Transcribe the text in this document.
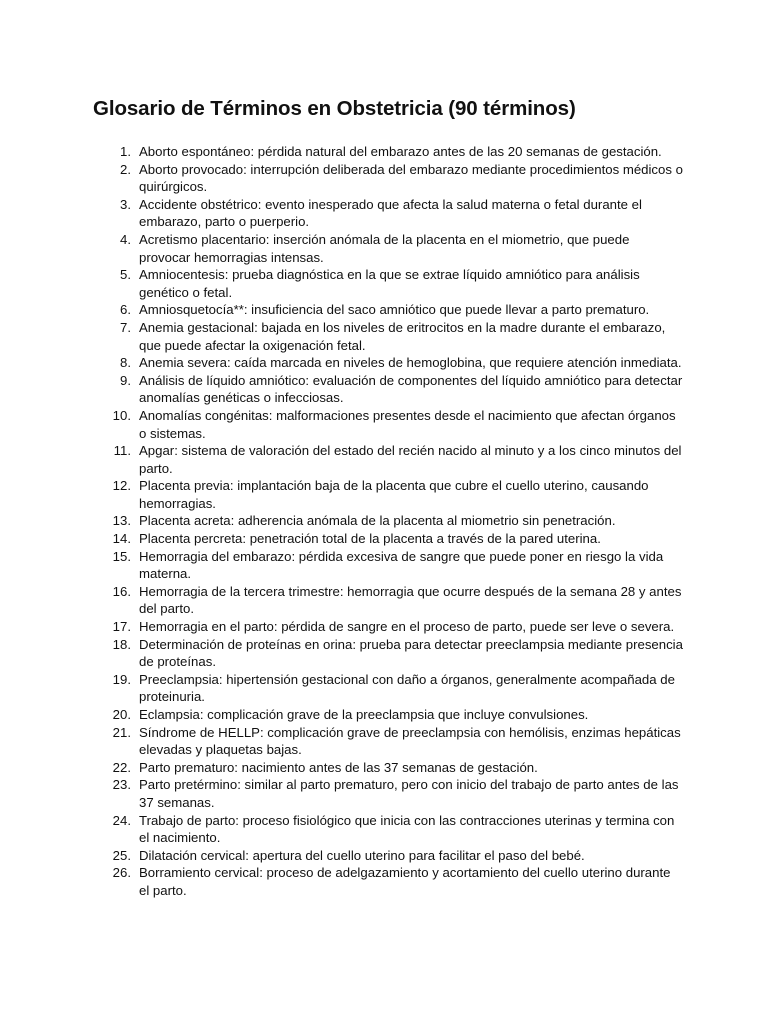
Glosario de Términos en Obstetricia (90 términos)
1. Aborto espontáneo: pérdida natural del embarazo antes de las 20 semanas de gestación.
2. Aborto provocado: interrupción deliberada del embarazo mediante procedimientos médicos o quirúrgicos.
3. Accidente obstétrico: evento inesperado que afecta la salud materna o fetal durante el embarazo, parto o puerperio.
4. Acretismo placentario: inserción anómala de la placenta en el miometrio, que puede provocar hemorragias intensas.
5. Amniocentesis: prueba diagnóstica en la que se extrae líquido amniótico para análisis genético o fetal.
6. Amniosquetocía**: insuficiencia del saco amniótico que puede llevar a parto prematuro.
7. Anemia gestacional: bajada en los niveles de eritrocitos en la madre durante el embarazo, que puede afectar la oxigenación fetal.
8. Anemia severa: caída marcada en niveles de hemoglobina, que requiere atención inmediata.
9. Análisis de líquido amniótico: evaluación de componentes del líquido amniótico para detectar anomalías genéticas o infecciosas.
10. Anomalías congénitas: malformaciones presentes desde el nacimiento que afectan órganos o sistemas.
11. Apgar: sistema de valoración del estado del recién nacido al minuto y a los cinco minutos del parto.
12. Placenta previa: implantación baja de la placenta que cubre el cuello uterino, causando hemorragias.
13. Placenta acreta: adherencia anómala de la placenta al miometrio sin penetración.
14. Placenta percreta: penetración total de la placenta a través de la pared uterina.
15. Hemorragia del embarazo: pérdida excesiva de sangre que puede poner en riesgo la vida materna.
16. Hemorragia de la tercera trimestre: hemorragia que ocurre después de la semana 28 y antes del parto.
17. Hemorragia en el parto: pérdida de sangre en el proceso de parto, puede ser leve o severa.
18. Determinación de proteínas en orina: prueba para detectar preeclampsia mediante presencia de proteínas.
19. Preeclampsia: hipertensión gestacional con daño a órganos, generalmente acompañada de proteinuria.
20. Eclampsia: complicación grave de la preeclampsia que incluye convulsiones.
21. Síndrome de HELLP: complicación grave de preeclampsia con hemólisis, enzimas hepáticas elevadas y plaquetas bajas.
22. Parto prematuro: nacimiento antes de las 37 semanas de gestación.
23. Parto pretérmino: similar al parto prematuro, pero con inicio del trabajo de parto antes de las 37 semanas.
24. Trabajo de parto: proceso fisiológico que inicia con las contracciones uterinas y termina con el nacimiento.
25. Dilatación cervical: apertura del cuello uterino para facilitar el paso del bebé.
26. Borramiento cervical: proceso de adelgazamiento y acortamiento del cuello uterino durante el parto.
